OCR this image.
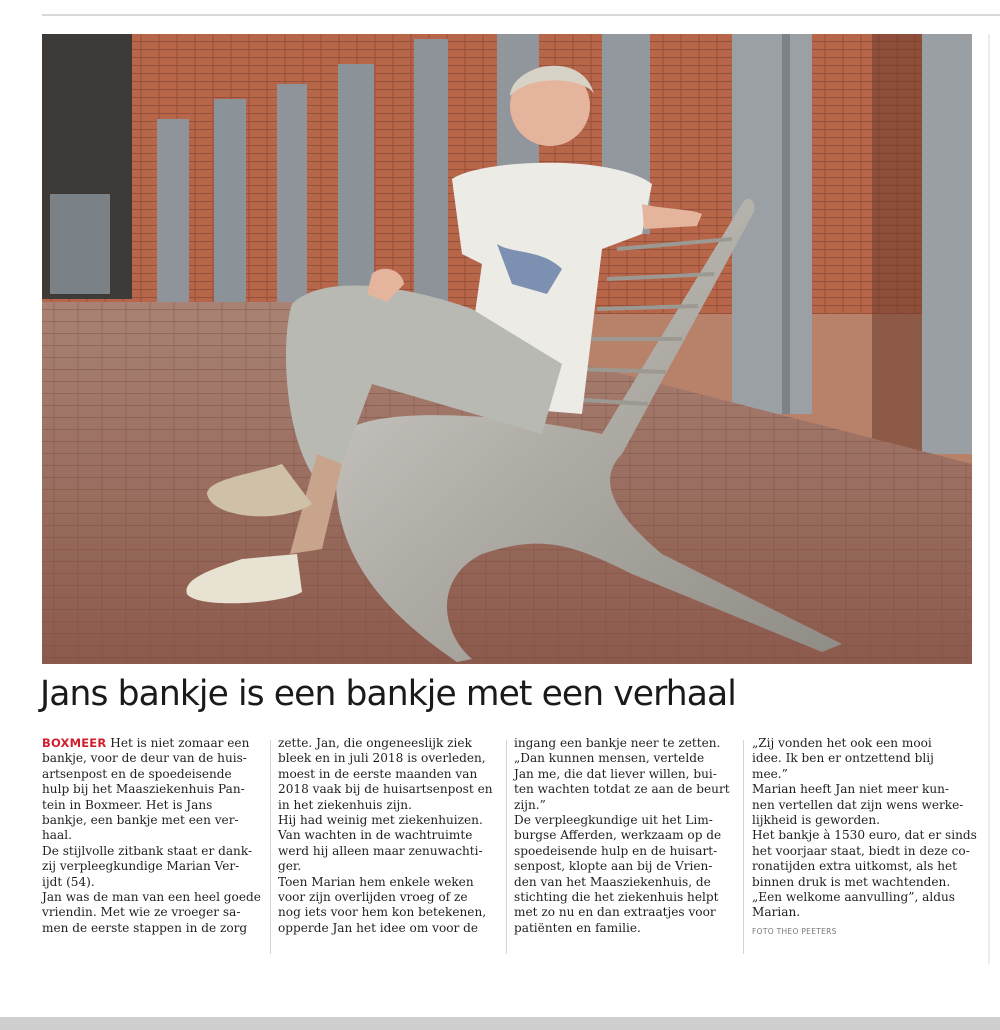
Jans bankje is een bankje met een verhaal

BOXMEER Het is niet zomaar een

bankje, voor de deur van de huis-

artsenpost en de spoedeisende

hulp bij het Maasziekenhuis Pan-

tein in Boxmeer. Het is Jans

bankje, een bankje met een ver-

haal.

De stijlvolle zitbank staat er dank-

zij verpleegkundige Marian Ver-

ijdt (54).

Jan was de man van een heel goede

vriendin. Met wie ze vroeger sa-

men de eerste stappen in de zorg

zette. Jan, die ongeneeslijk ziek

bleek en in juli 2018 is overleden,

moest in de eerste maanden van

2018 vaak bij de huisartsenpost en

in het ziekenhuis zijn.

Hij had weinig met ziekenhuizen.

Van wachten in de wachtruimte

werd hij alleen maar zenuwachti-

ger.

Toen Marian hem enkele weken

voor zijn overlijden vroeg of ze

nog iets voor hem kon betekenen,

opperde Jan het idee om voor de

ingang een bankje neer te zetten.

„Dan kunnen mensen, vertelde

Jan me, die dat liever willen, bui-

ten wachten totdat ze aan de beurt

zijn.”

De verpleegkundige uit het Lim-

burgse Afferden, werkzaam op de

spoedeisende hulp en de huisart-

senpost, klopte aan bij de Vrien-

den van het Maasziekenhuis, de

stichting die het ziekenhuis helpt

met zo nu en dan extraatjes voor

patiënten en familie.

„Zij vonden het ook een mooi

idee. Ik ben er ontzettend blij

mee.”

Marian heeft Jan niet meer kun-

nen vertellen dat zijn wens werke-

lijkheid is geworden.

Het bankje à 1530 euro, dat er sinds

het voorjaar staat, biedt in deze co-

ronatijden extra uitkomst, als het

binnen druk is met wachtenden.

„Een welkome aanvulling”, aldus

Marian.

FOTO THEO PEETERS
